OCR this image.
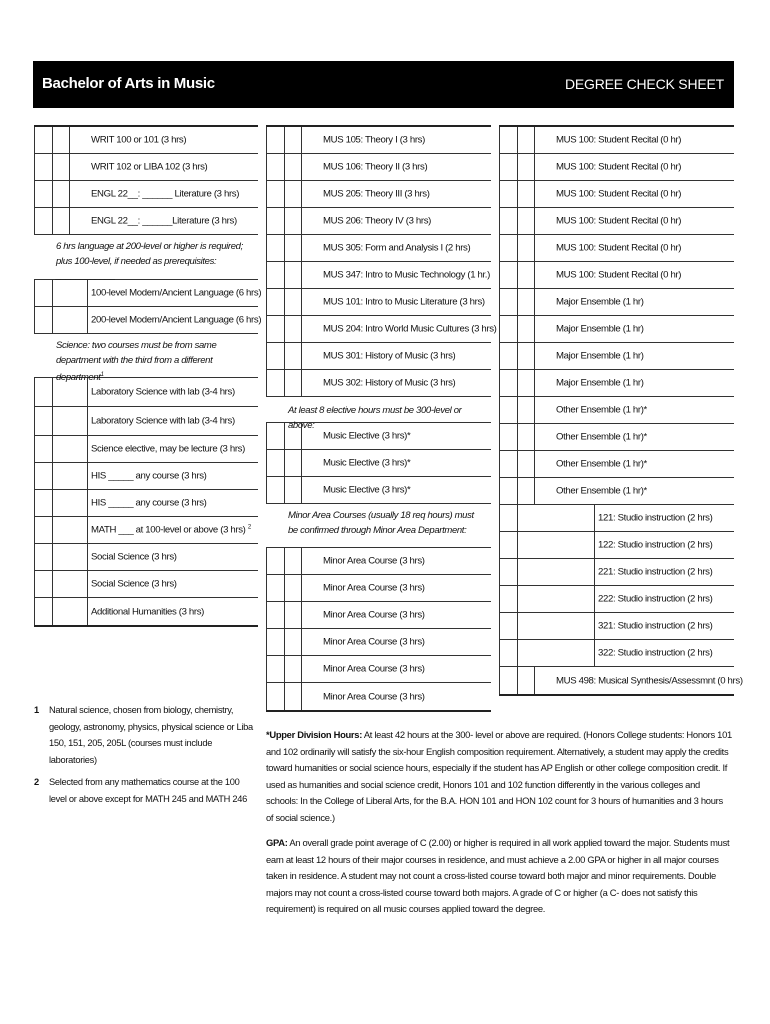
Bachelor of Arts in Music	DEGREE CHECK SHEET
WRIT 100 or 101 (3 hrs)
WRIT 102 or LIBA 102 (3 hrs)
ENGL 22__: ______ Literature (3 hrs)
ENGL 22__: ______Literature (3 hrs)
6 hrs language at 200-level or higher is required; plus 100-level, if needed as prerequisites: ____________
100-level Modern/Ancient Language (6 hrs)
200-level Modern/Ancient Language (6 hrs)
Science: two courses must be from same department with the third from a different department$^1$
Laboratory Science with lab (3-4 hrs)
Laboratory Science with lab (3-4 hrs)
Science elective, may be lecture (3 hrs)
HIS _____ any course (3 hrs)
HIS _____ any course (3 hrs)
MATH ___ at 100-level or above (3 hrs) $^2$
Social Science (3 hrs)
Social Science (3 hrs)
Additional Humanities (3 hrs)
MUS 105: Theory I (3 hrs)
MUS 106: Theory II (3 hrs)
MUS 205: Theory III (3 hrs)
MUS 206: Theory IV (3 hrs)
MUS 305: Form and Analysis I (2 hrs)
MUS 347: Intro to Music Technology (1 hr.)
MUS 101: Intro to Music Literature (3 hrs)
MUS 204: Intro World Music Cultures (3 hrs)
MUS 301: History of Music (3 hrs)
MUS 302: History of Music (3 hrs)
At least 8 elective hours must be 300-level or above:
Music Elective (3 hrs)*
Music Elective (3 hrs)*
Music Elective (3 hrs)*
Minor Area Courses (usually 18 req hours) must be confirmed through Minor Area Department:
Minor Area Course (3 hrs)
Minor Area Course (3 hrs)
Minor Area Course (3 hrs)
Minor Area Course (3 hrs)
Minor Area Course (3 hrs)
Minor Area Course (3 hrs)
MUS 100: Student Recital (0 hr)
MUS 100: Student Recital (0 hr)
MUS 100: Student Recital (0 hr)
MUS 100: Student Recital (0 hr)
MUS 100: Student Recital (0 hr)
MUS 100: Student Recital (0 hr)
Major Ensemble (1 hr)
Major Ensemble (1 hr)
Major Ensemble (1 hr)
Major Ensemble (1 hr)
Other Ensemble (1 hr)*
Other Ensemble (1 hr)*
Other Ensemble (1 hr)*
Other Ensemble (1 hr)*
121: Studio instruction (2 hrs)
122: Studio instruction (2 hrs)
221: Studio instruction (2 hrs)
222: Studio instruction (2 hrs)
321: Studio instruction (2 hrs)
322: Studio instruction (2 hrs)
MUS 498: Musical Synthesis/Assessmnt (0 hrs)
1 Natural science, chosen from biology, chemistry, geology, astronomy, physics, physical science or Liba 150, 151, 205, 205L (courses must include laboratories)
2 Selected from any mathematics course at the 100 level or above except for MATH 245 and MATH 246

*Upper Division Hours: At least 42 hours at the 300- level or above are required. (Honors College students: Honors 101 and 102 ordinarily will satisfy the six-hour English composition requirement. Alternatively, a student may apply the credits toward humanities or social science hours, especially if the student has AP English or other college composition credit. If used as humanities and social science credit, Honors 101 and 102 function differently in the various colleges and schools: In the College of Liberal Arts, for the B.A. HON 101 and HON 102 count for 3 hours of humanities and 3 hours of social science.)

GPA: An overall grade point average of C (2.00) or higher is required in all work applied toward the major. Students must earn at least 12 hours of their major courses in residence, and must achieve a 2.00 GPA or higher in all major courses taken in residence. A student may not count a cross-listed course toward both major and minor requirements. Double majors may not count a cross-listed course toward both majors. A grade of C or higher (a C- does not satisfy this requirement) is required on all music courses applied toward the degree.
